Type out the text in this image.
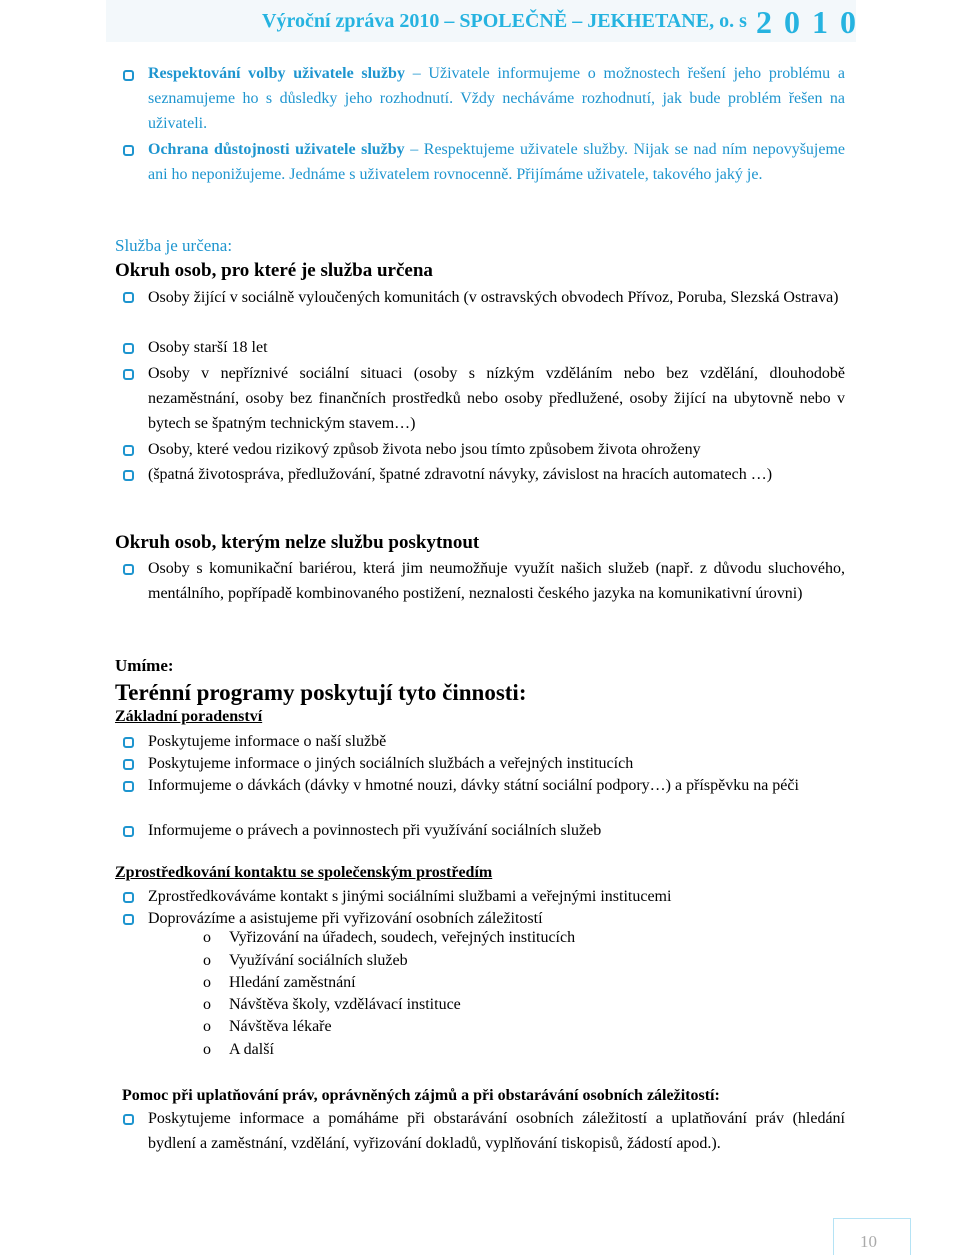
Výroční zpráva 2010 – SPOLEČNĚ – JEKHETANE, o. s 2 0 1 0
Respektování volby uživatele služby – Uživatele informujeme o možnostech řešení jeho problému a seznamujeme ho s důsledky jeho rozhodnutí. Vždy necháváme rozhodnutí, jak bude problém řešen na uživateli.
Ochrana důstojnosti uživatele služby – Respektujeme uživatele služby. Nijak se nad ním nepovyšujeme ani ho neponižujeme. Jednáme s uživatelem rovnocenně. Přijímáme uživatele, takového jaký je.
Služba je určena:
Okruh osob, pro které je služba určena
Osoby žijící v sociálně vyloučených komunitách (v ostravských obvodech Přívoz, Poruba, Slezská Ostrava)
Osoby starší 18 let
Osoby v nepříznivé sociální situaci (osoby s nízkým vzděláním nebo bez vzdělání, dlouhodobě nezaměstnání, osoby bez finančních prostředků nebo osoby předlužené, osoby žijící na ubytovně nebo v bytech se špatným technickým stavem…)
Osoby, které vedou rizikový způsob života nebo jsou tímto způsobem života ohroženy
(špatná životospráva, předlužování, špatné zdravotní návyky, závislost na hracích automatech …)
Okruh osob, kterým nelze službu poskytnout
Osoby s komunikační bariérou, která jim neumožňuje využít našich služeb (např. z důvodu sluchového, mentálního, popřípadě kombinovaného postižení, neznalosti českého jazyka na komunikativní úrovni)
Umíme:
Terénní programy poskytují tyto činnosti:
Základní poradenství
Poskytujeme informace o naší službě
Poskytujeme informace o jiných sociálních službách a veřejných institucích
Informujeme o dávkách (dávky v hmotné nouzi, dávky státní sociální podpory…) a příspěvku na péči
Informujeme o právech a povinnostech při využívání sociálních služeb
Zprostředkování kontaktu se společenským prostředím
Zprostředkováváme kontakt s jinými sociálními službami a veřejnými institucemi
Doprovázíme a asistujeme při vyřizování osobních záležitostí
o Vyřizování na úřadech, soudech, veřejných institucích
o Využívání sociálních služeb
o Hledání zaměstnání
o Návštěva školy, vzdělávací instituce
o Návštěva lékaře
o A další
Pomoc při uplatňování práv, oprávněných zájmů a při obstarávání osobních záležitostí:
Poskytujeme informace a pomáháme při obstarávání osobních záležitostí a uplatňování práv (hledání bydlení a zaměstnání, vzdělání, vyřizování dokladů, vyplňování tiskopisů, žádostí apod.).
10
